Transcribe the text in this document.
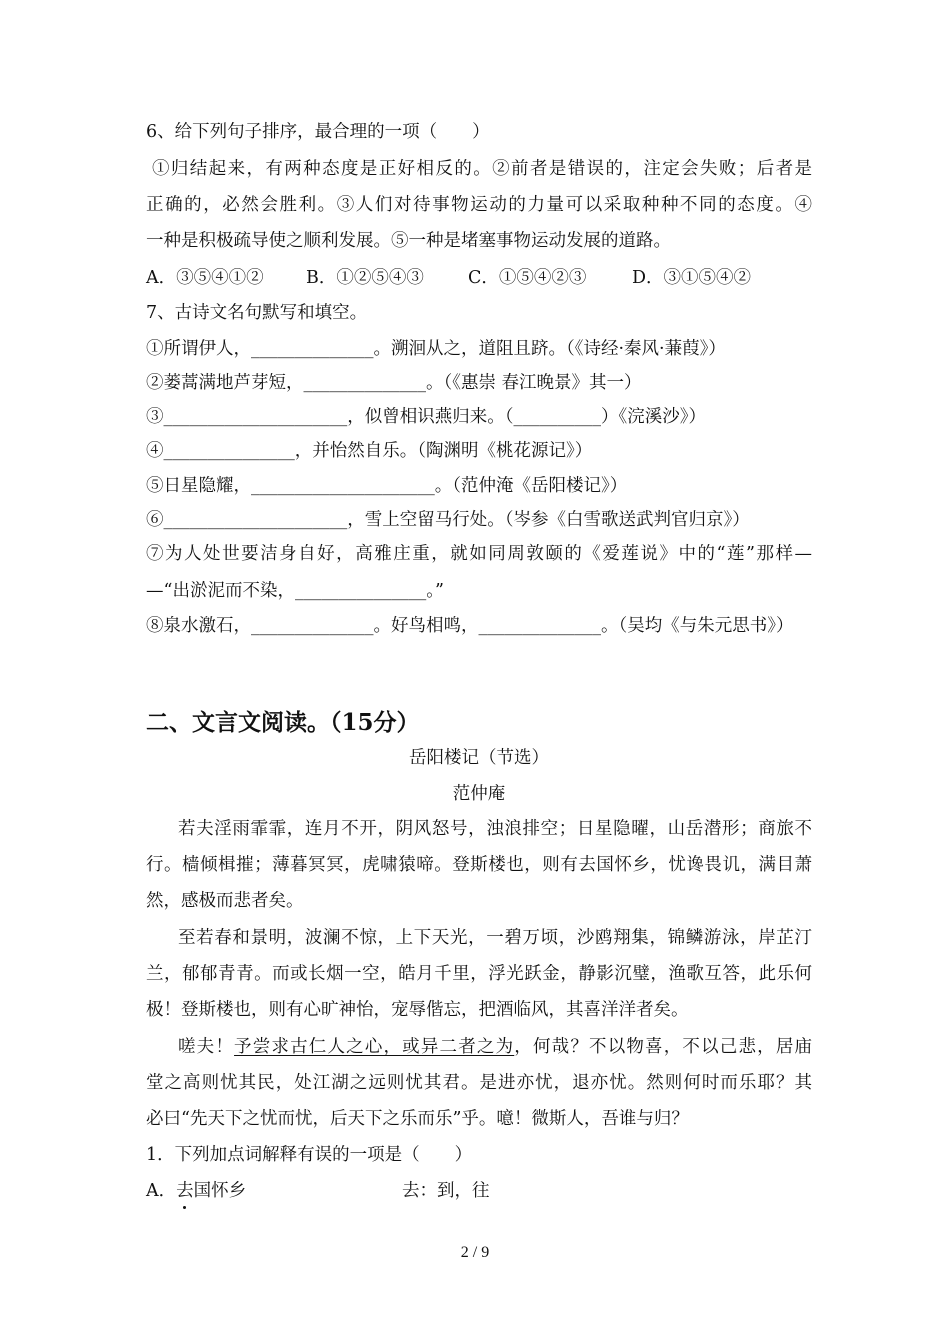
6、给下列句子排序，最合理的一项（　　）
①归结起来，有两种态度是正好相反的。②前者是错误的，注定会失败；后者是
正确的，必然会胜利。③人们对待事物运动的力量可以采取种种不同的态度。④
一种是积极疏导使之顺利发展。⑤一种是堵塞事物运动发展的道路。
A．③⑤④①② B．①②⑤④③	C．①⑤④②③	D．③①⑤④②
7、古诗文名句默写和填空。
①所谓伊人，______________。溯洄从之，道阻且跻。（《诗经·秦风·蒹葭》）
②蒌蒿满地芦芽短，______________。（《惠崇 春江晚景》其一）
③_____________________，似曾相识燕归来。（__________）《浣溪沙》）
④_______________，并怡然自乐。（陶渊明《桃花源记》）
⑤日星隐耀，_____________________。（范仲淹《岳阳楼记》）
⑥_____________________，雪上空留马行处。（岑参《白雪歌送武判官归京》）
⑦为人处世要洁身自好，高雅庄重，就如同周敦颐的《爱莲说》中的“莲”那样—
—“出淤泥而不染，_______________。”
⑧泉水激石，______________。好鸟相鸣，______________。（吴均《与朱元思书》）
二、文言文阅读。（15分）
岳阳楼记（节选）
范仲庵
若夫淫雨霏霏，连月不开，阴风怒号，浊浪排空；日星隐曜，山岳潜形；商旅不
行。樯倾楫摧；薄暮冥冥，虎啸猿啼。登斯楼也，则有去国怀乡，忧谗畏讥，满目萧
然，感极而悲者矣。
至若春和景明，波澜不惊，上下天光，一碧万顷，沙鸥翔集，锦鳞游泳，岸芷汀
兰，郁郁青青。而或长烟一空，皓月千里，浮光跃金，静影沉璧，渔歌互答，此乐何
极！登斯楼也，则有心旷神怡，宠辱偕忘，把酒临风，其喜洋洋者矣。
嗟夫！予尝求古仁人之心，或异二者之为，何哉？不以物喜，不以己悲，居庙
堂之高则忧其民，处江湖之远则忧其君。是进亦忧，退亦忧。然则何时而乐耶？其
必曰“先天下之忧而忧，后天下之乐而乐”乎。噫！微斯人，吾谁与归？
1．下列加点词解释有误的一项是（　　）
A．去国怀乡	去：到，往
2 / 9
